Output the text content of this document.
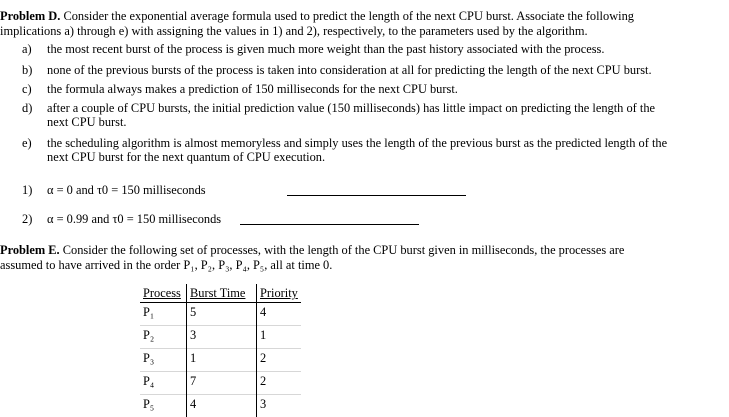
Problem D. Consider the exponential average formula used to predict the length of the next CPU burst. Associate the following
implications a) through e) with assigning the values in 1) and 2), respectively, to the parameters used by the algorithm.
a) the most recent burst of the process is given much more weight than the past history associated with the process.
b) none of the previous bursts of the process is taken into consideration at all for predicting the length of the next CPU burst.
c) the formula always makes a prediction of 150 milliseconds for the next CPU burst.
d) after a couple of CPU bursts, the initial prediction value (150 milliseconds) has little impact on predicting the length of the
next CPU burst.
e) the scheduling algorithm is almost memoryless and simply uses the length of the previous burst as the predicted length of the
next CPU burst for the next quantum of CPU execution.
1) α = 0 and τ0 = 150 milliseconds
2) α = 0.99 and τ0 = 150 milliseconds
Problem E. Consider the following set of processes, with the length of the CPU burst given in milliseconds, the processes are
assumed to have arrived in the order P₁, P₂, P₃, P₄, P₅, all at time 0.
Process	Burst Time	Priority
P₁	5	4
P₂	3	1
P₃	1	2
P₄	7	2
P₅	4	3
